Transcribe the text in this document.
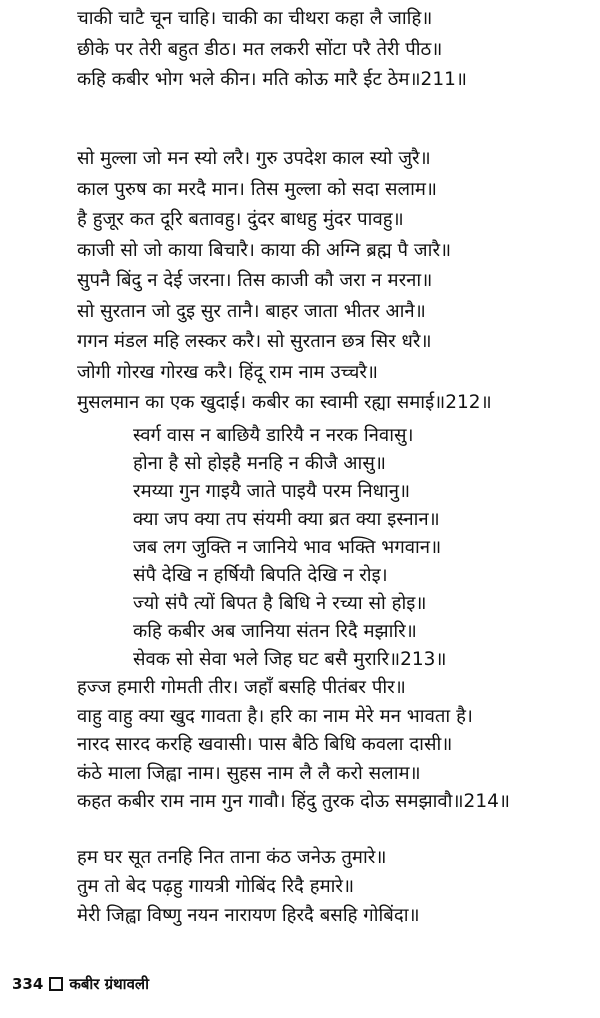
चाकी चाटै चून चाहि। चाकी का चीथरा कहा लै जाहि॥
छीके पर तेरी बहुत डीठ। मत लकरी सोंटा परै तेरी पीठ॥
कहि कबीर भोग भले कीन। मति कोऊ मारै ईट ठेम॥211॥
सो मुल्ला जो मन स्यो लरै। गुरु उपदेश काल स्यो जुरै॥
काल पुरुष का मरदै मान। तिस मुल्ला को सदा सलाम॥
है हुजूर कत दूरि बतावहु। दुंदर बाधहु मुंदर पावहु॥
काजी सो जो काया बिचारै। काया की अग्नि ब्रह्म पै जारै॥
सुपनै बिंदु न देई जरना। तिस काजी कौ जरा न मरना॥
सो सुरतान जो दुइ सुर तानै। बाहर जाता भीतर आनै॥
गगन मंडल महि लस्कर करै। सो सुरतान छत्र सिर धरै॥
जोगी गोरख गोरख करै। हिंदू राम नाम उच्चरै॥
मुसलमान का एक खुदाई। कबीर का स्वामी रह्या समाई॥212॥
स्वर्ग वास न बाछियै डारियै न नरक निवासु।
होना है सो होइहै मनहि न कीजै आसु॥
रमय्या गुन गाइयै जाते पाइयै परम निधानु॥
क्या जप क्या तप संयमी क्या ब्रत क्या इस्नान॥
जब लग जुक्ति न जानिये भाव भक्ति भगवान॥
संपै देखि न हर्षियौ बिपति देखि न रोइ।
ज्यो संपै त्यों बिपत है बिधि ने रच्या सो होइ॥
कहि कबीर अब जानिया संतन रिदै मझारि॥
सेवक सो सेवा भले जिह घट बसै मुरारि॥213॥
हज्ज हमारी गोमती तीर। जहाँ बसहि पीतंबर पीर॥
वाहु वाहु क्या खुद गावता है। हरि का नाम मेरे मन भावता है।
नारद सारद करहि खवासी। पास बैठि बिधि कवला दासी॥
कंठे माला जिह्वा नाम। सुहस नाम लै लै करो सलाम॥
कहत कबीर राम नाम गुन गावौ। हिंदु तुरक दोऊ समझावौ॥214॥
हम घर सूत तनहि नित ताना कंठ जनेऊ तुमारे॥
तुम तो बेद पढ़हु गायत्री गोबिंद रिदै हमारे॥
मेरी जिह्वा विष्णु नयन नारायण हिरदै बसहि गोबिंदा॥
334 कबीर ग्रंथावली
